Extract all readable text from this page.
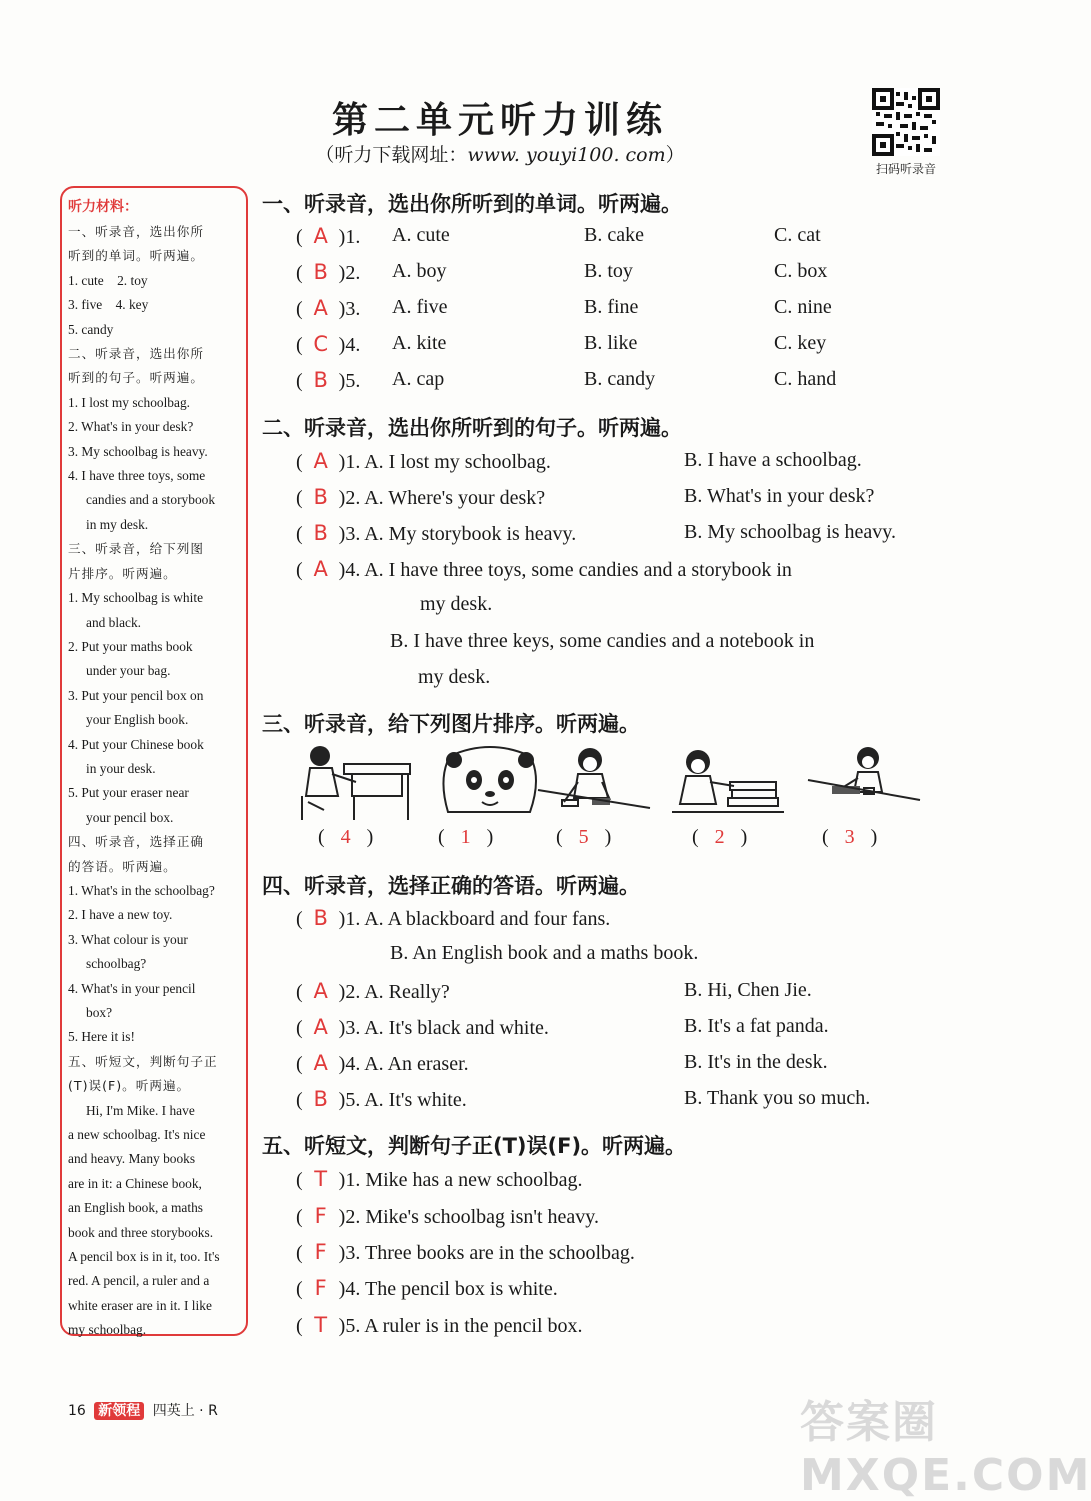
第二单元听力训练
（听力下载网址：www. youyi100. com）
扫码听录音
听力材料：
一、听录音，选出你所
听到的单词。听两遍。
1. cute　2. toy
3. five　4. key
5. candy
二、听录音，选出你所
听到的句子。听两遍。
1. I lost my schoolbag.
2. What's in your desk?
3. My schoolbag is heavy.
4. I have three toys, some
candies and a storybook
in my desk.
三、听录音，给下列图
片排序。听两遍。
1. My schoolbag is white
and black.
2. Put your maths book
under your bag.
3. Put your pencil box on
your English book.
4. Put your Chinese book
in your desk.
5. Put your eraser near
your pencil box.
四、听录音，选择正确
的答语。听两遍。
1. What's in the schoolbag?
2. I have a new toy.
3. What colour is your
schoolbag?
4. What's in your pencil
box?
5. Here it is!
五、听短文，判断句子正
(T)误(F)。听两遍。
Hi, I'm Mike. I have
a new schoolbag. It's nice
and heavy. Many books
are in it: a Chinese book,
an English book, a maths
book and three storybooks.
A pencil box is in it, too. It's
red. A pencil, a ruler and a
white eraser are in it. I like
my schoolbag.
一、听录音，选出你所听到的单词。听两遍。
( A )1. A. cute	B. cake	C. cat
( B )2. A. boy	B. toy	C. box
( A )3. A. five	B. fine	C. nine
( C )4. A. kite	B. like	C. key
( B )5. A. cap	B. candy	C. hand
二、听录音，选出你所听到的句子。听两遍。
( A )1. A. I lost my schoolbag.	B. I have a schoolbag.
( B )2. A. Where's your desk?	B. What's in your desk?
( B )3. A. My storybook is heavy.	B. My schoolbag is heavy.
( A )4. A. I have three toys, some candies and a storybook in
my desk.
B. I have three keys, some candies and a notebook in
my desk.
三、听录音，给下列图片排序。听两遍。
( 4 )	( 1 )	( 5 )	( 2 )	( 3 )
四、听录音，选择正确的答语。听两遍。
( B )1. A. A blackboard and four fans.
B. An English book and a maths book.
( A )2. A. Really?	B. Hi, Chen Jie.
( A )3. A. It's black and white.	B. It's a fat panda.
( A )4. A. An eraser.	B. It's in the desk.
( B )5. A. It's white.	B. Thank you so much.
五、听短文，判断句子正(T)误(F)。听两遍。
( T )1. Mike has a new schoolbag.
( F )2. Mike's schoolbag isn't heavy.
( F )3. Three books are in the schoolbag.
( F )4. The pencil box is white.
( T )5. A ruler is in the pencil box.
16 新领程 四英上 · R	答案圈 MXQE.COM
